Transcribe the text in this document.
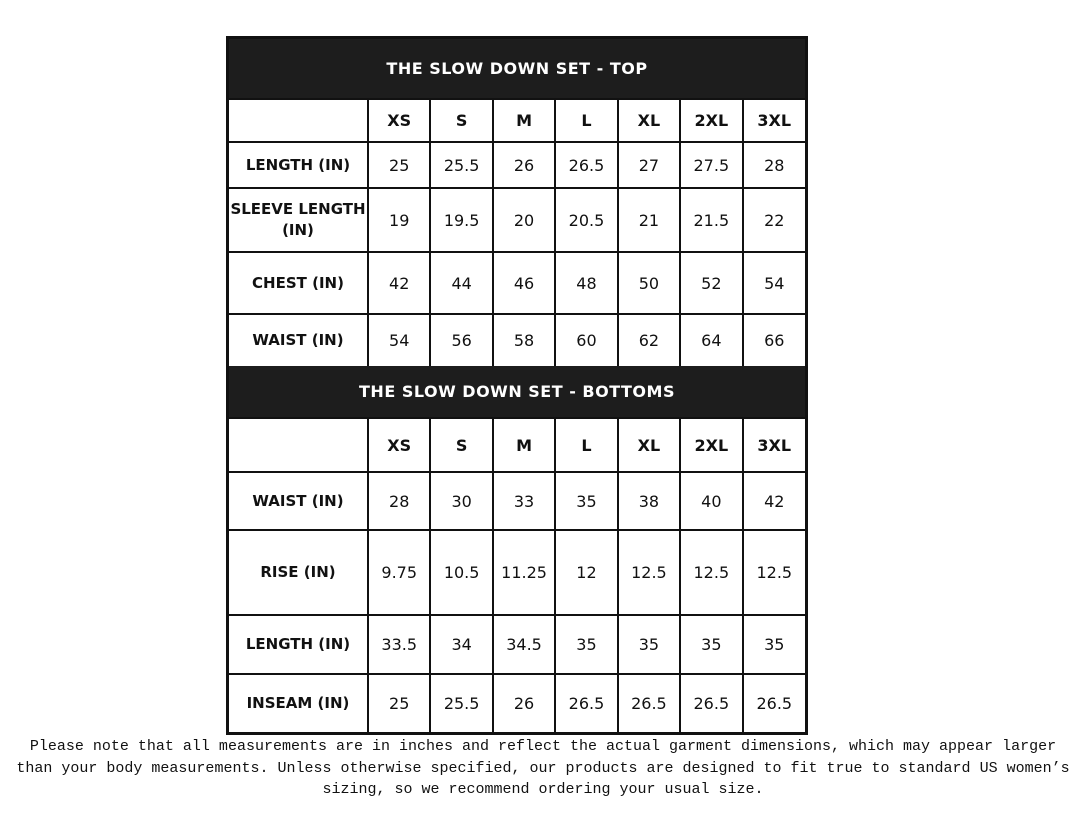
THE SLOW DOWN SET - TOP
	XS	S	M	L	XL	2XL	3XL
LENGTH (IN)	25	25.5	26	26.5	27	27.5	28
SLEEVE LENGTH (IN)	19	19.5	20	20.5	21	21.5	22
CHEST (IN)	42	44	46	48	50	52	54
WAIST (IN)	54	56	58	60	62	64	66
THE SLOW DOWN SET - BOTTOMS
	XS	S	M	L	XL	2XL	3XL
WAIST (IN)	28	30	33	35	38	40	42
RISE (IN)	9.75	10.5	11.25	12	12.5	12.5	12.5
LENGTH (IN)	33.5	34	34.5	35	35	35	35
INSEAM (IN)	25	25.5	26	26.5	26.5	26.5	26.5
Please note that all measurements are in inches and reflect the actual garment dimensions, which may appear larger than your body measurements. Unless otherwise specified, our products are designed to fit true to standard US women’s sizing, so we recommend ordering your usual size.
